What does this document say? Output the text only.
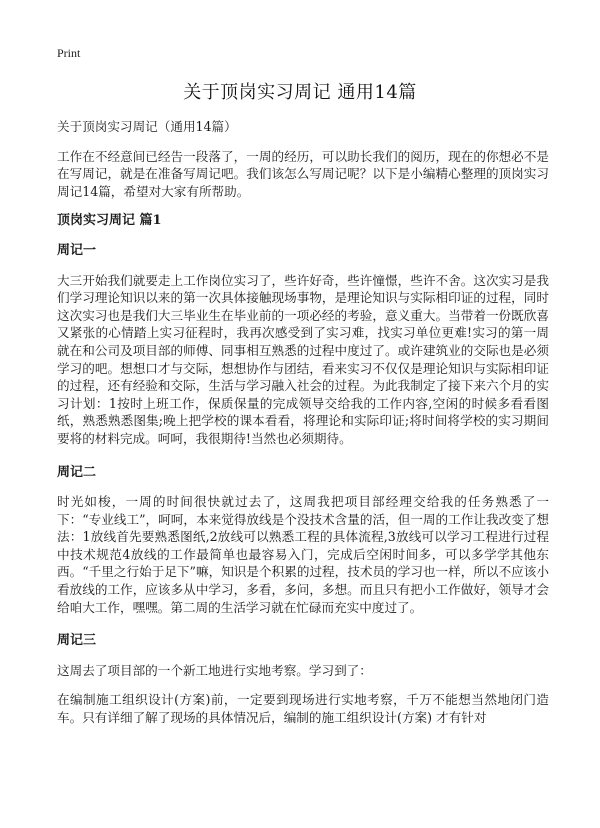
Print
关于顶岗实习周记 通用14篇

关于顶岗实习周记（通用14篇）

工作在不经意间已经告一段落了，一周的经历，可以助长我们的阅历，现在的你想必不是在写周记，就是在准备写周记吧。我们该怎么写周记呢？以下是小编精心整理的顶岗实习周记14篇，希望对大家有所帮助。

顶岗实习周记 篇1

周记一

大三开始我们就要走上工作岗位实习了，些许好奇，些许憧憬，些许不舍。这次实习是我们学习理论知识以来的第一次具体接触现场事物，是理论知识与实际相印证的过程，同时这次实习也是我们大三毕业生在毕业前的一项必经的考验，意义重大。当带着一份既欣喜又紧张的心情踏上实习征程时，我再次感受到了实习难，找实习单位更难!实习的第一周就在和公司及项目部的师傅、同事相互熟悉的过程中度过了。或许建筑业的交际也是必须学习的吧。想想口才与交际，想想协作与团结，看来实习不仅仅是理论知识与实际相印证的过程，还有经验和交际，生活与学习融入社会的过程。为此我制定了接下来六个月的实习计划：1按时上班工作，保质保量的完成领导交给我的工作内容,空闲的时候多看看图纸，熟悉熟悉图集;晚上把学校的课本看看，将理论和实际印证;将时间将学校的实习期间要将的材料完成。呵呵，我很期待!当然也必须期待。

周记二

时光如梭，一周的时间很快就过去了，这周我把项目部经理交给我的任务熟悉了一下：“专业线工”，呵呵，本来觉得放线是个没技术含量的活，但一周的工作让我改变了想法：1放线首先要熟悉图纸,2放线可以熟悉工程的具体流程,3放线可以学习工程进行过程中技术规范4放线的工作最简单也最容易入门，完成后空闲时间多，可以多学学其他东西。“千里之行始于足下”嘛，知识是个积累的过程，技术员的学习也一样，所以不应该小看放线的工作，应该多从中学习，多看，多问，多想。而且只有把小工作做好，领导才会给咱大工作，嘿嘿。第二周的生活学习就在忙碌而充实中度过了。

周记三

这周去了项目部的一个新工地进行实地考察。学习到了：

在编制施工组织设计(方案)前，一定要到现场进行实地考察，千万不能想当然地闭门造车。只有详细了解了现场的具体情况后，编制的施工组织设计(方案) 才有针对
